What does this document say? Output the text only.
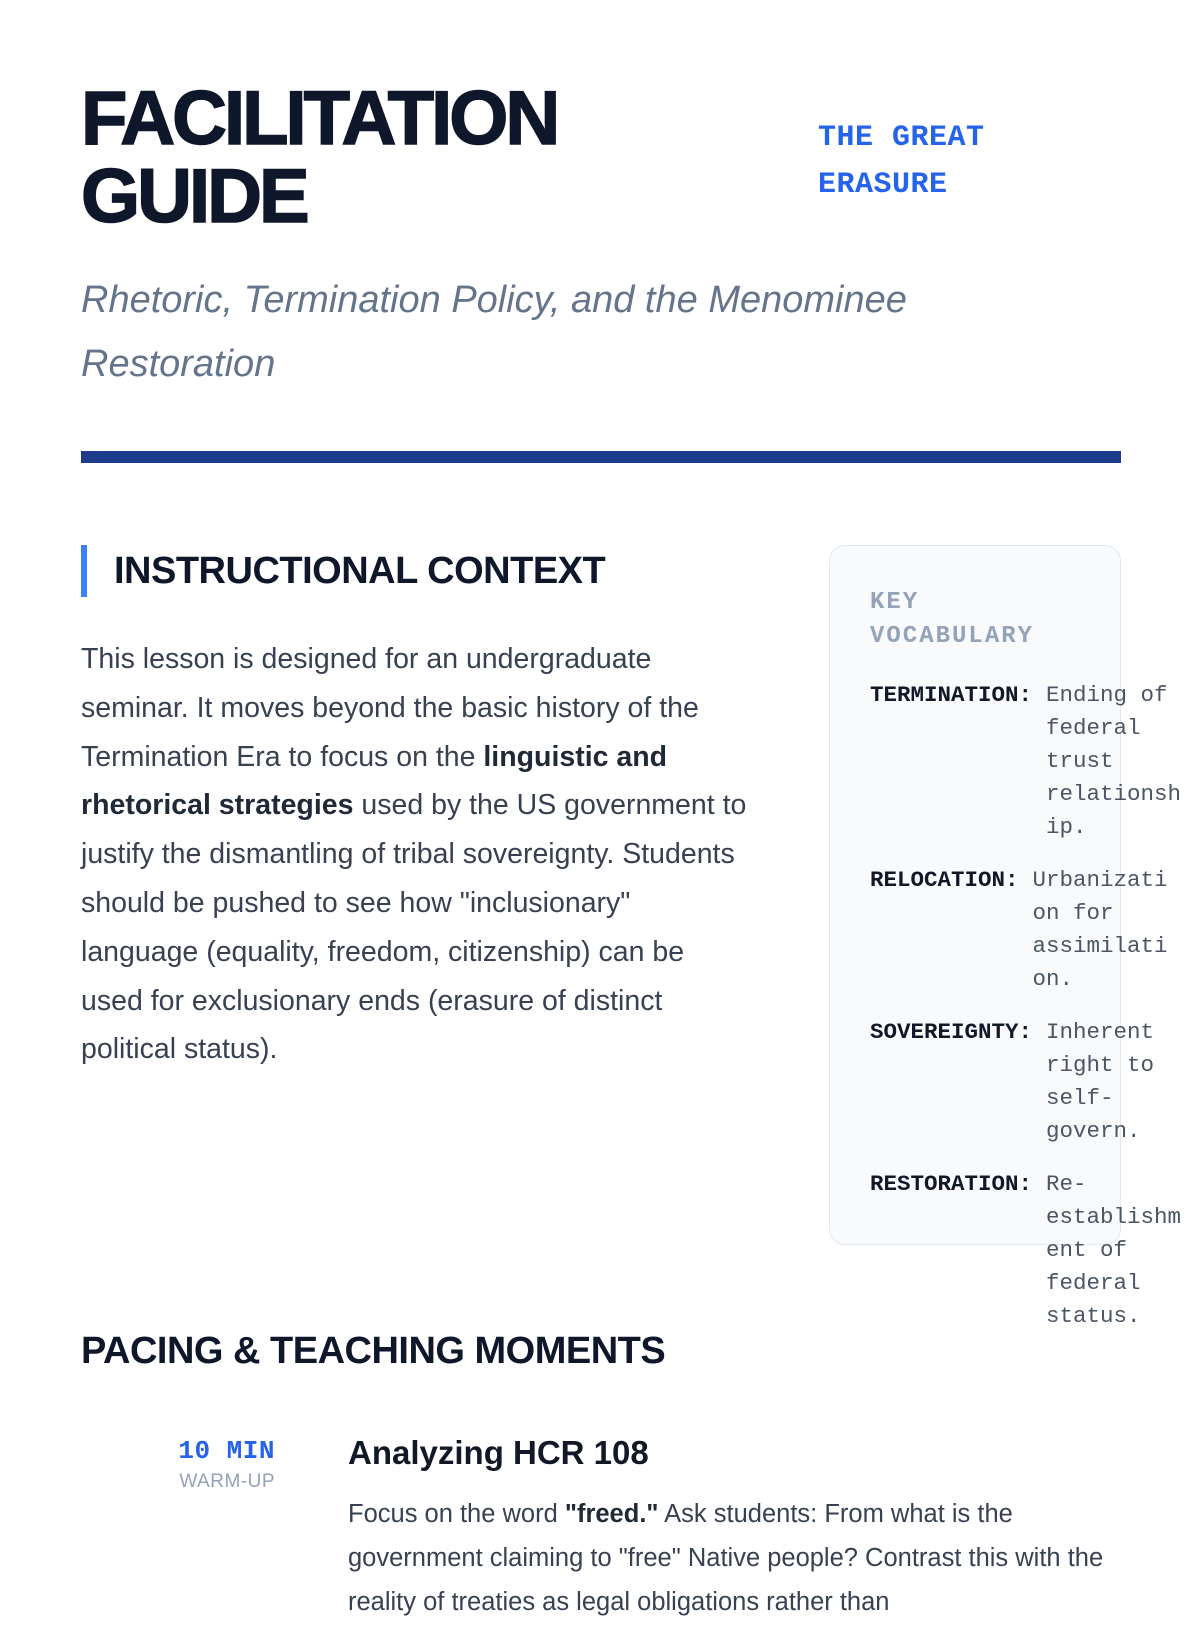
FACILITATION
GUIDE
THE GREAT
ERASURE

Rhetoric, Termination Policy, and the Menominee Restoration

INSTRUCTIONAL CONTEXT

This lesson is designed for an undergraduate seminar. It moves beyond the basic history of the Termination Era to focus on the linguistic and rhetorical strategies used by the US government to justify the dismantling of tribal sovereignty. Students should be pushed to see how "inclusionary" language (equality, freedom, citizenship) can be used for exclusionary ends (erasure of distinct political status).

KEY VOCABULARY
TERMINATION: Ending of federal trust relationship.
RELOCATION: Urbanization for assimilation.
SOVEREIGNTY: Inherent right to self-govern.
RESTORATION: Re-establishment of federal status.
PACING & TEACHING MOMENTS
10 MIN
WARM-UP
Analyzing HCR 108

Focus on the word "freed." Ask students: From what is the government claiming to "free" Native people? Contrast this with the reality of treaties as legal obligations rather than
